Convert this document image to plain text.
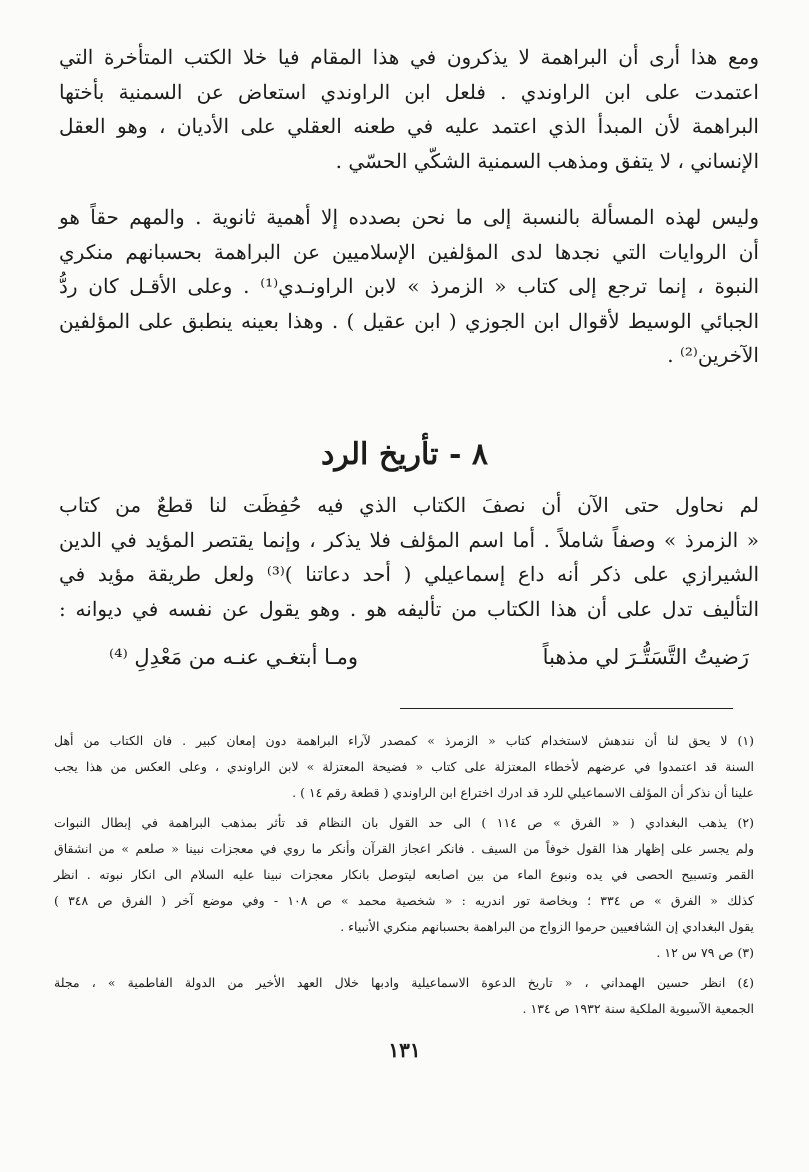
ومع هذا أرى أن البراهمة لا يذكرون في هذا المقام فيا خلا الكتب المتأخرة التي
اعتمدت على ابن الراوندي . فلعل ابن الراوندي استعاض عن السمنية بأختها
البراهمة لأن المبدأ الذي اعتمد عليه في طعنه العقلي على الأديان ، وهو العقل
الإنساني ، لا يتفق ومذهب السمنية الشكّي الحسّي .
وليس لهذه المسألة بالنسبة إلى ما نحن بصدده إلا أهمية ثانوية . والمهم حقاً هو
أن الروايات التي نجدها لدى المؤلفين الإسلاميين عن البراهمة بحسبانهم منكري
النبوة ، إنما ترجع إلى كتاب « الزمرذ » لابن الراونـدي⁽¹⁾ . وعلى الأقـل كان ردُّ
الجبائي الوسيط لأقوال ابن الجوزي ( ابن عقيل ) . وهذا بعينه ينطبق على المؤلفين
الآخرين⁽²⁾ .
٨ - تأريخ الرد
لم نحاول حتى الآن أن نصفَ الكتاب الذي فيه حُفِظَت لنا قطعٌ من كتاب
« الزمرذ » وصفاً شاملاً . أما اسم المؤلف فلا يذكر ، وإنما يقتصر المؤيد في الدين
الشيرازي على ذكر أنه داع إسماعيلي ( أحد دعاتنا )⁽³⁾ ولعل طريقة مؤيد في
التأليف تدل على أن هذا الكتاب من تأليفه هو . وهو يقول عن نفسه في ديوانه :
رَضيتُ التَّسَتُّـرَ لي مذهباً
ومـا أبتغـي عنـه من مَعْدِلِ ⁽⁴⁾
(١) لا يحق لنا أن نندهش لاستخدام كتاب « الزمرذ » كمصدر لآراء البراهمة دون إمعان كبير . فان الكتاب من أهل
السنة قد اعتمدوا في عرضهم لأخطاء المعتزلة على كتاب « فضيحة المعتزلة » لابن الراوندي ، وعلى العكس من هذا يجب
علينا أن نذكر أن المؤلف الاسماعيلي للرد قد ادرك اختراع ابن الراوندي ( قطعة رقم ١٤ ) .
(٢) يذهب البغدادي ( « الفرق » ص ١١٤ ) الى حد القول بان النظام قد تأثر بمذهب البراهمة في إبطال النبوات
ولم يجسر على إظهار هذا القول خوفاً من السيف . فانكر اعجاز القرآن وأنكر ما روي في معجزات نبينا « صلعم » من انشقاق
القمر وتسبيح الحصى في يده ونبوع الماء من بين اصابعه ليتوصل بانكار معجزات نبينا عليه السلام الى انكار نبوته . انظر
كذلك « الفرق » ص ٣٣٤ ؛ وبخاصة تور اندريه : « شخصية محمد » ص ١٠٨ - وفي موضع آخر ( الفرق ص ٣٤٨ )
يقول البغدادي إن الشافعيين حرموا الزواج من البراهمة بحسبانهم منكري الأنبياء .
(٣) ص ٧٩ س ١٢ .
(٤) انظر حسين الهمداني ، « تاريخ الدعوة الاسماعيلية وادبها خلال العهد الأخير من الدولة الفاطمية » ، مجلة
الجمعية الآسيوية الملكية سنة ١٩٣٢ ص ١٣٤ .
١٣١
